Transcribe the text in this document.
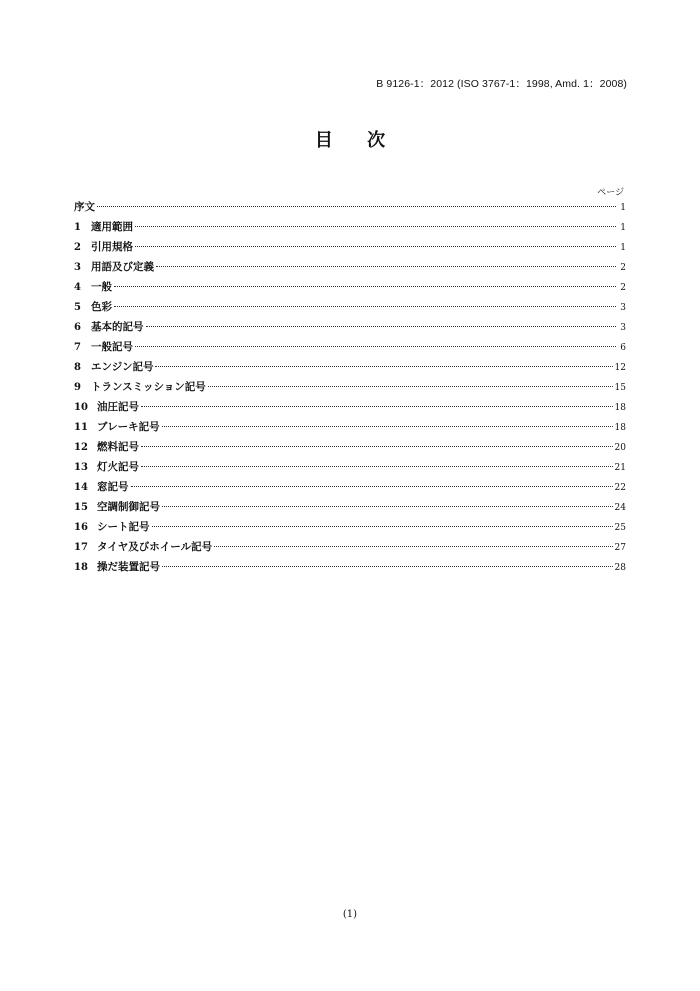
B 9126-1：2012 (ISO 3767-1：1998, Amd. 1：2008)
目 次
ページ
序文	1
1 適用範囲	1
2 引用規格	1
3 用語及び定義	2
4 一般	2
5 色彩	3
6 基本的記号	3
7 一般記号	6
8 エンジン記号	12
9 トランスミッション記号	15
10 油圧記号	18
11 ブレーキ記号	18
12 燃料記号	20
13 灯火記号	21
14 窓記号	22
15 空調制御記号	24
16 シート記号	25
17 タイヤ及びホイール記号	27
18 操だ装置記号	28
(1)
